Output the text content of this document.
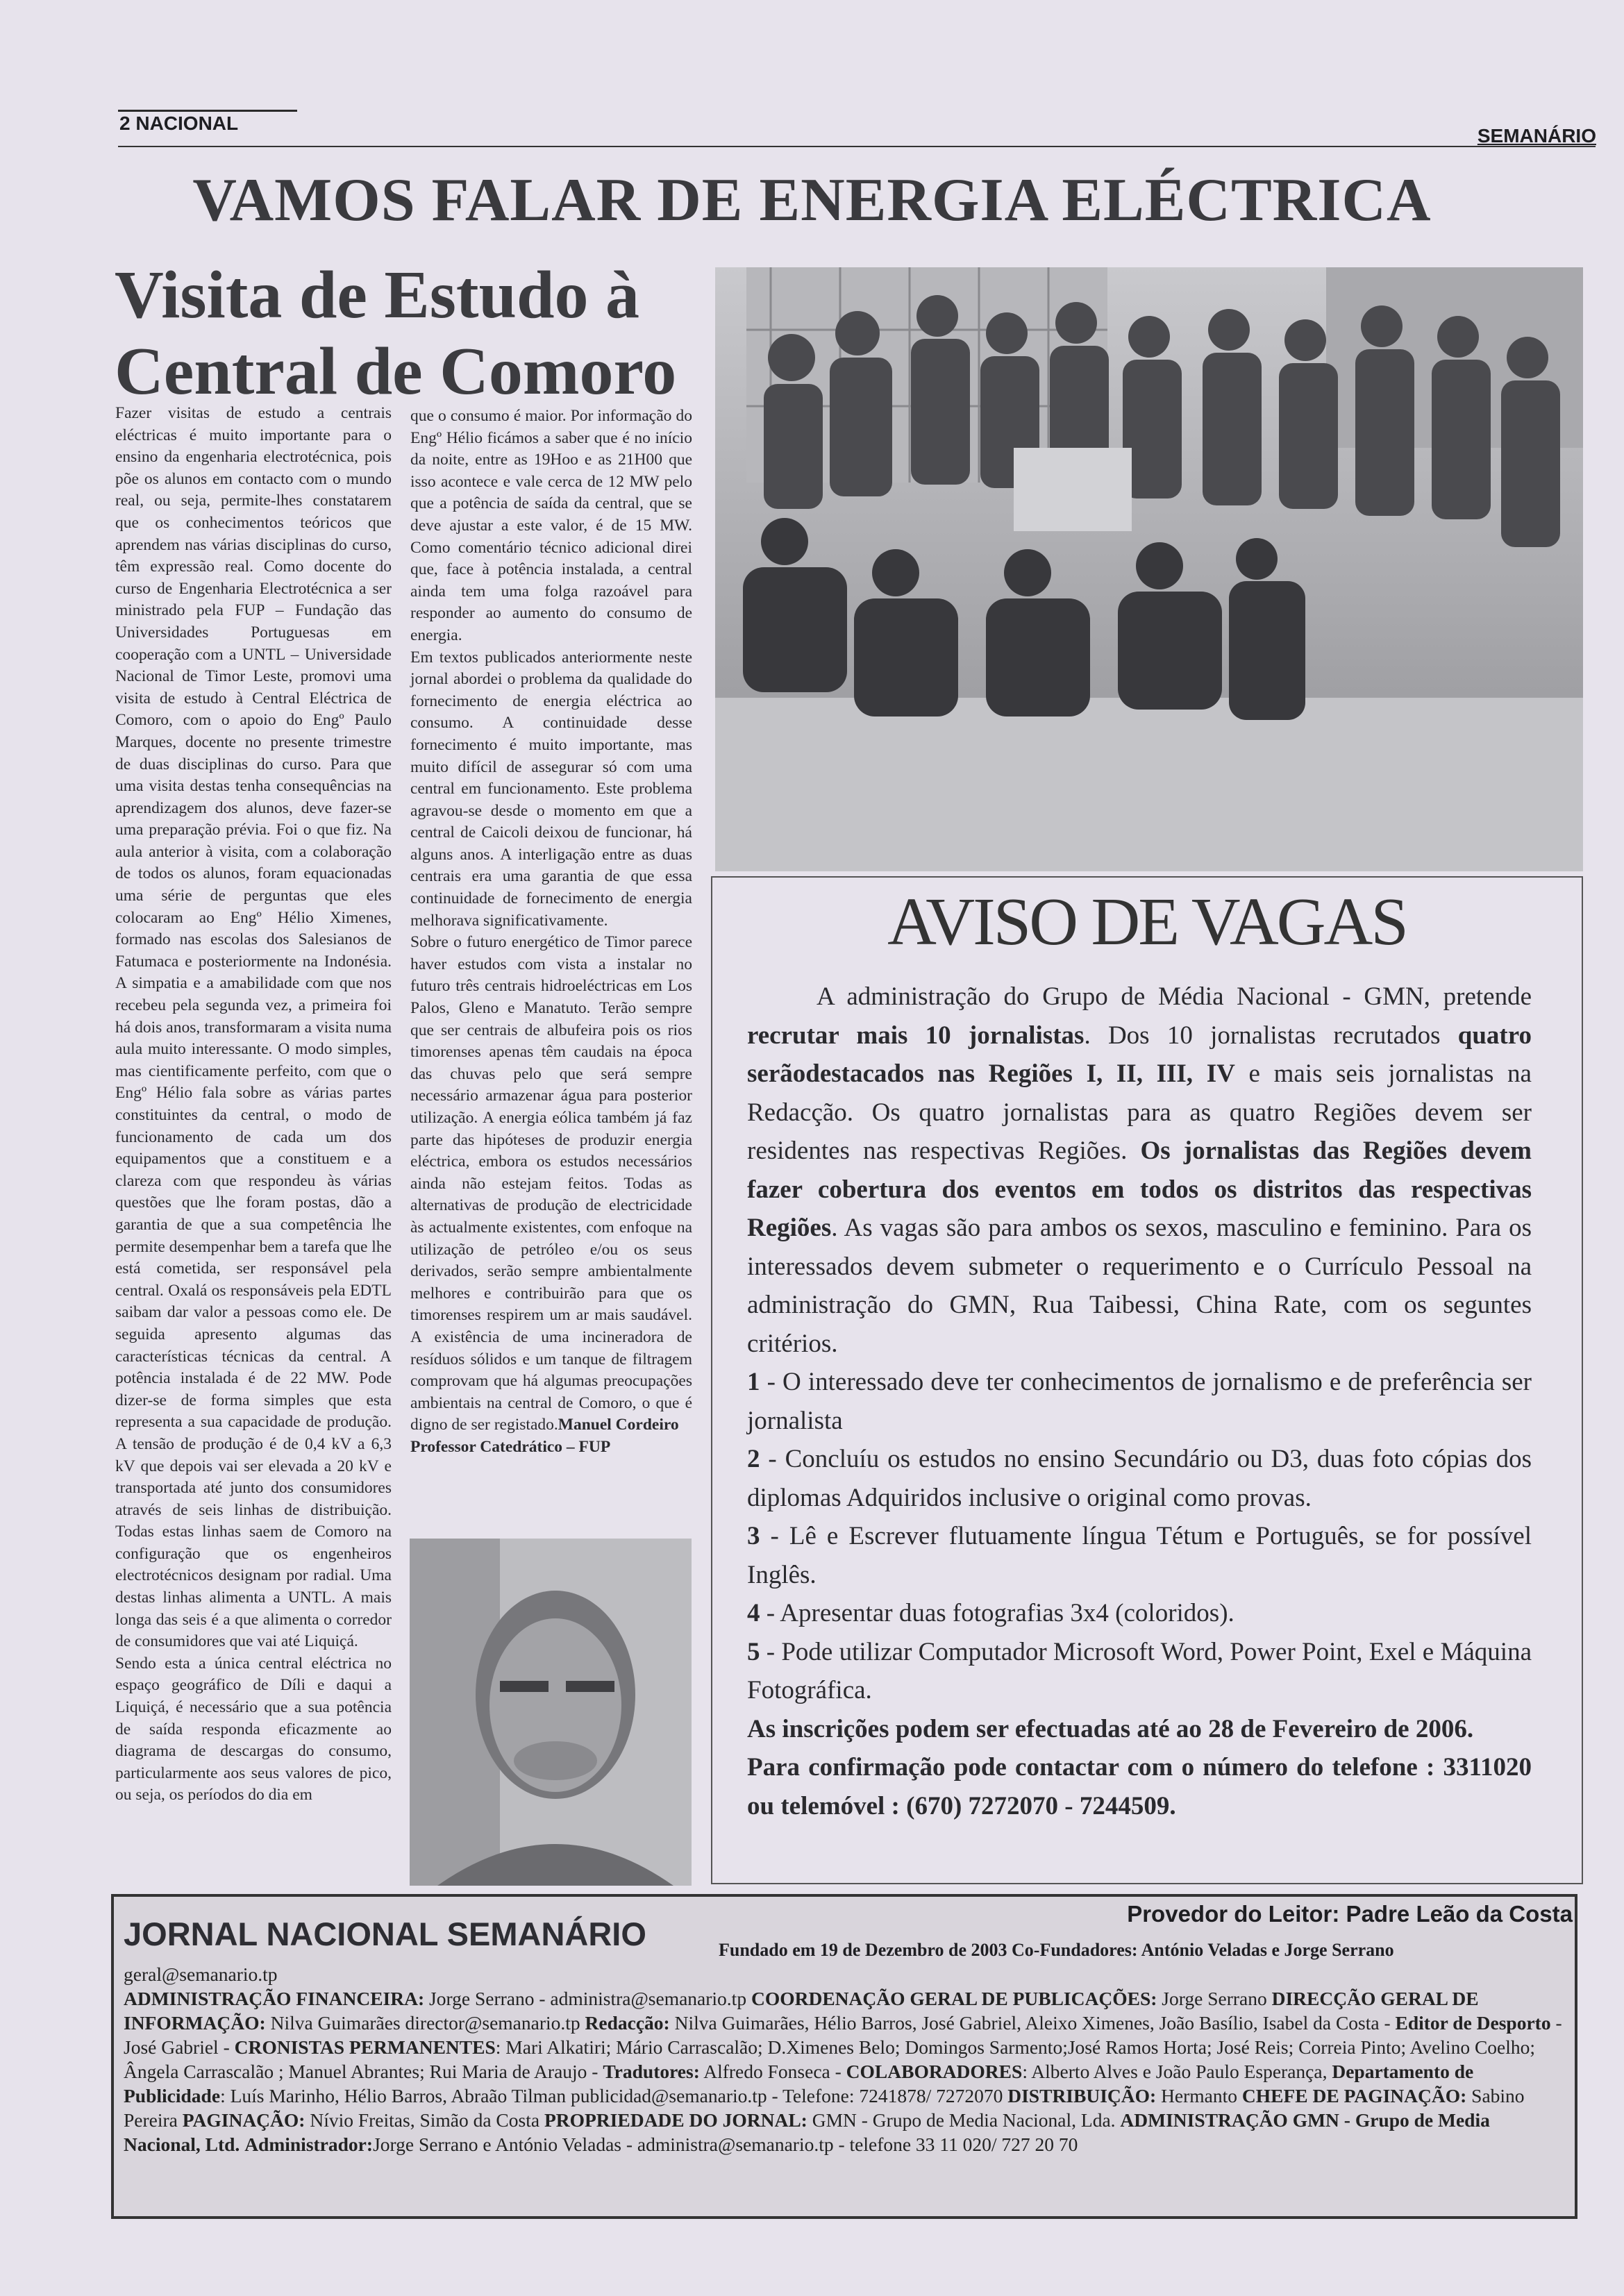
2 NACIONAL
SEMANÁRIO
VAMOS FALAR DE ENERGIA ELÉCTRICA
Visita de Estudo à
Central de Comoro

Fazer visitas de estudo a centrais eléctricas é muito importante para o ensino da engenharia electrotécnica, pois põe os alunos em contacto com o mundo real, ou seja, permite-lhes constatarem que os conhecimentos teóricos que aprendem nas várias disciplinas do curso, têm expressão real. Como docente do curso de Engenharia Electrotécnica a ser ministrado pela FUP – Fundação das Universidades Portuguesas em cooperação com a UNTL – Universidade Nacional de Timor Leste, promovi uma visita de estudo à Central Eléctrica de Comoro, com o apoio do Engº Paulo Marques, docente no presente trimestre de duas disciplinas do curso. Para que uma visita destas tenha consequências na aprendizagem dos alunos, deve fazer-se uma preparação prévia. Foi o que fiz. Na aula anterior à visita, com a colaboração de todos os alunos, foram equacionadas uma série de perguntas que eles colocaram ao Engº Hélio Ximenes, formado nas escolas dos Salesianos de Fatumaca e posteriormente na Indonésia. A simpatia e a amabilidade com que nos recebeu pela segunda vez, a primeira foi há dois anos, transformaram a visita numa aula muito interessante. O modo simples, mas cientificamente perfeito, com que o Engº Hélio fala sobre as várias partes constituintes da central, o modo de funcionamento de cada um dos equipamentos que a constituem e a clareza com que respondeu às várias questões que lhe foram postas, dão a garantia de que a sua competência lhe permite desempenhar bem a tarefa que lhe está cometida, ser responsável pela central. Oxalá os responsáveis pela EDTL saibam dar valor a pessoas como ele. De seguida apresento algumas das características técnicas da central. A potência instalada é de 22 MW. Pode dizer-se de forma simples que esta representa a sua capacidade de produção. A tensão de produção é de 0,4 kV a 6,3 kV que depois vai ser elevada a 20 kV e transportada até junto dos consumidores através de seis linhas de distribuição. Todas estas linhas saem de Comoro na configuração que os engenheiros electrotécnicos designam por radial. Uma destas linhas alimenta a UNTL. A mais longa das seis é a que alimenta o corredor de consumidores que vai até Liquiçá.

Sendo esta a única central eléctrica no espaço geográfico de Díli e daqui a Liquiçá, é necessário que a sua potência de saída responda eficazmente ao diagrama de descargas do consumo, particularmente aos seus valores de pico, ou seja, os períodos do dia em

que o consumo é maior. Por informação do Engº Hélio ficámos a saber que é no início da noite, entre as 19Hoo e as 21H00 que isso acontece e vale cerca de 12 MW pelo que a potência de saída da central, que se deve ajustar a este valor, é de 15 MW. Como comentário técnico adicional direi que, face à potência instalada, a central ainda tem uma folga razoável para responder ao aumento do consumo de energia.

Em textos publicados anteriormente neste jornal abordei o problema da qualidade do fornecimento de energia eléctrica ao consumo. A continuidade desse fornecimento é muito importante, mas muito difícil de assegurar só com uma central em funcionamento. Este problema agravou-se desde o momento em que a central de Caicoli deixou de funcionar, há alguns anos. A interligação entre as duas centrais era uma garantia de que essa continuidade de fornecimento de energia melhorava significativamente.

Sobre o futuro energético de Timor parece haver estudos com vista a instalar no futuro três centrais hidroeléctricas em Los Palos, Gleno e Manatuto. Terão sempre que ser centrais de albufeira pois os rios timorenses apenas têm caudais na época das chuvas pelo que será sempre necessário armazenar água para posterior utilização. A energia eólica também já faz parte das hipóteses de produzir energia eléctrica, embora os estudos necessários ainda não estejam feitos. Todas as alternativas de produção de electricidade às actualmente existentes, com enfoque na utilização de petróleo e/ou os seus derivados, serão sempre ambientalmente melhores e contribuirão para que os timorenses respirem um ar mais saudável. A existência de uma incineradora de resíduos sólidos e um tanque de filtragem comprovam que há algumas preocupações ambientais na central de Comoro, o que é digno de ser registado.Manuel Cordeiro

Professor Catedrático – FUP

AVISO DE VAGAS

A administração do Grupo de Média Nacional - GMN, pretende recrutar mais 10 jornalistas. Dos 10 jornalistas recrutados quatro serãodestacados nas Regiões I, II, III, IV e mais seis jornalistas na Redacção. Os quatro jornalistas para as quatro Regiões devem ser residentes nas respectivas Regiões. Os jornalistas das Regiões devem fazer cobertura dos eventos em todos os distritos das respectivas Regiões. As vagas são para ambos os sexos, masculino e feminino. Para os interessados devem submeter o requerimento e o Currículo Pessoal na administração do GMN, Rua Taibessi, China Rate, com os seguntes critérios.

1 - O interessado deve ter conhecimentos de jornalismo e de preferência ser jornalista

2 - Concluíu os estudos no ensino Secundário ou D3, duas foto cópias dos diplomas Adquiridos inclusive o original como provas.

3 - Lê e Escrever flutuamente língua Tétum e Português, se for possível Inglês.

4 - Apresentar duas fotografias 3x4 (coloridos).

5 - Pode utilizar Computador Microsoft Word, Power Point, Exel e Máquina Fotográfica.

As inscrições podem ser efectuadas até ao 28 de Fevereiro de 2006.

Para confirmação pode contactar com o número do telefone : 3311020 ou telemóvel : (670) 7272070 - 7244509.

JORNAL NACIONAL SEMANÁRIO
Provedor do Leitor: Padre Leão da Costa
Fundado em 19 de Dezembro de 2003 Co-Fundadores: António Veladas e Jorge Serrano

geral@semanario.tp

ADMINISTRAÇÃO FINANCEIRA: Jorge Serrano - administra@semanario.tp COORDENAÇÃO GERAL DE PUBLICAÇÕES: Jorge Serrano DIRECÇÃO GERAL DE INFORMAÇÃO: Nilva Guimarães director@semanario.tp Redacção: Nilva Guimarães, Hélio Barros, José Gabriel, Aleixo Ximenes, João Basílio, Isabel da Costa - Editor de Desporto - José Gabriel - CRONISTAS PERMANENTES: Mari Alkatiri; Mário Carrascalão; D.Ximenes Belo; Domingos Sarmento;José Ramos Horta; José Reis; Correia Pinto; Avelino Coelho; Ângela Carrascalão ; Manuel Abrantes; Rui Maria de Araujo - Tradutores: Alfredo Fonseca - COLABORADORES: Alberto Alves e João Paulo Esperança, Departamento de Publicidade: Luís Marinho, Hélio Barros, Abraão Tilman publicidad@semanario.tp - Telefone: 7241878/ 7272070 DISTRIBUIÇÃO: Hermanto CHEFE DE PAGINAÇÃO: Sabino Pereira PAGINAÇÃO: Nívio Freitas, Simão da Costa PROPRIEDADE DO JORNAL: GMN - Grupo de Media Nacional, Lda. ADMINISTRAÇÃO GMN - Grupo de Media Nacional, Ltd. Administrador:Jorge Serrano e António Veladas - administra@semanario.tp - telefone 33 11 020/ 727 20 70
